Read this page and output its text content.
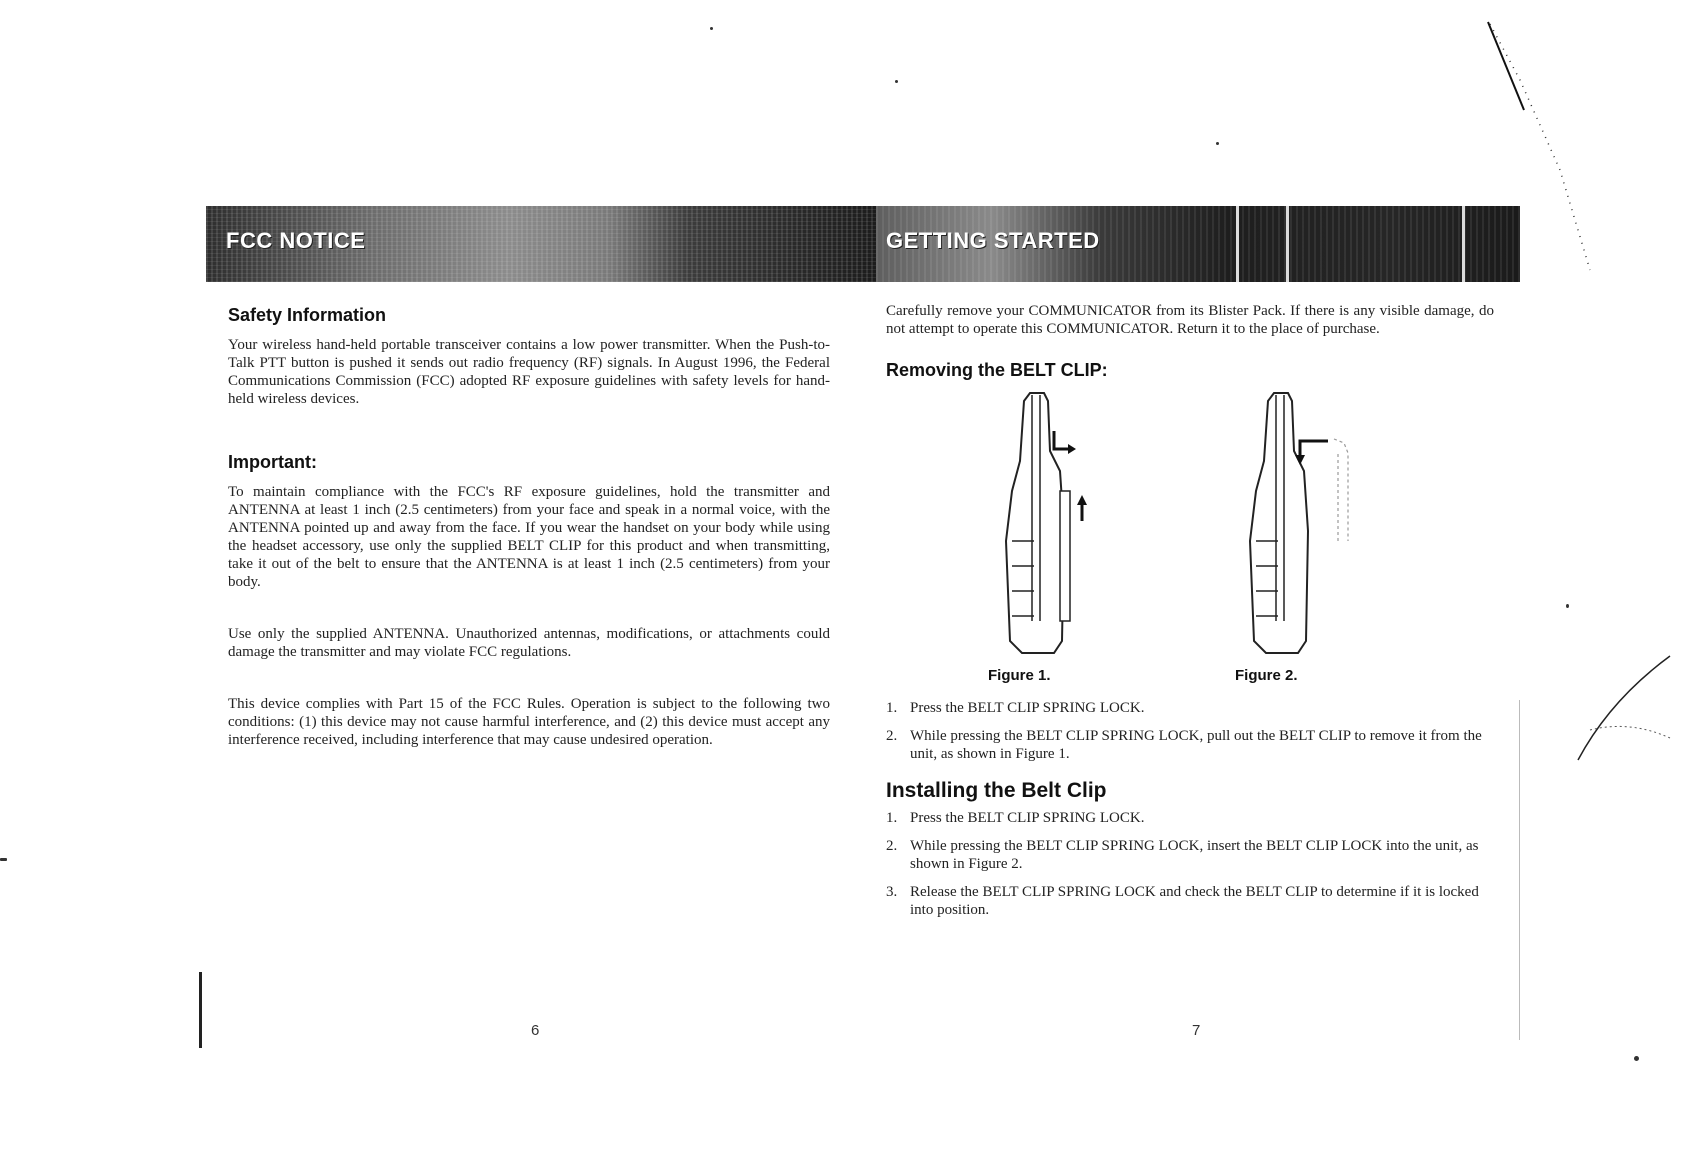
FCC NOTICE	GETTING STARTED
Safety Information

Your wireless hand-held portable transceiver contains a low power transmitter. When the Push-to-Talk PTT button is pushed it sends out radio frequency (RF) signals. In August 1996, the Federal Communications Commission (FCC) adopted RF exposure guidelines with safety levels for hand-held wireless devices.

Important:

To maintain compliance with the FCC's RF exposure guidelines, hold the transmitter and ANTENNA at least 1 inch (2.5 centimeters) from your face and speak in a normal voice, with the ANTENNA pointed up and away from the face. If you wear the handset on your body while using the headset accessory, use only the supplied BELT CLIP for this product and when transmitting, take it out of the belt to ensure that the ANTENNA is at least 1 inch (2.5 centimeters) from your body.

Use only the supplied ANTENNA. Unauthorized antennas, modifications, or attachments could damage the transmitter and may violate FCC regulations.

This device complies with Part 15 of the FCC Rules. Operation is subject to the following two conditions: (1) this device may not cause harmful interference, and (2) this device must accept any interference received, including interference that may cause undesired operation.

Carefully remove your COMMUNICATOR from its Blister Pack. If there is any visible damage, do not attempt to operate this COMMUNICATOR. Return it to the place of purchase.

Removing the BELT CLIP:
Figure 1.	Figure 2.
1. Press the BELT CLIP SPRING LOCK.
2. While pressing the BELT CLIP SPRING LOCK, pull out the BELT CLIP to remove it from the unit, as shown in Figure 1.
Installing the Belt Clip
1. Press the BELT CLIP SPRING LOCK.
2. While pressing the BELT CLIP SPRING LOCK, insert the BELT CLIP LOCK into the unit, as shown in Figure 2.
3. Release the BELT CLIP SPRING LOCK and check the BELT CLIP to determine if it is locked into position.
6	7
